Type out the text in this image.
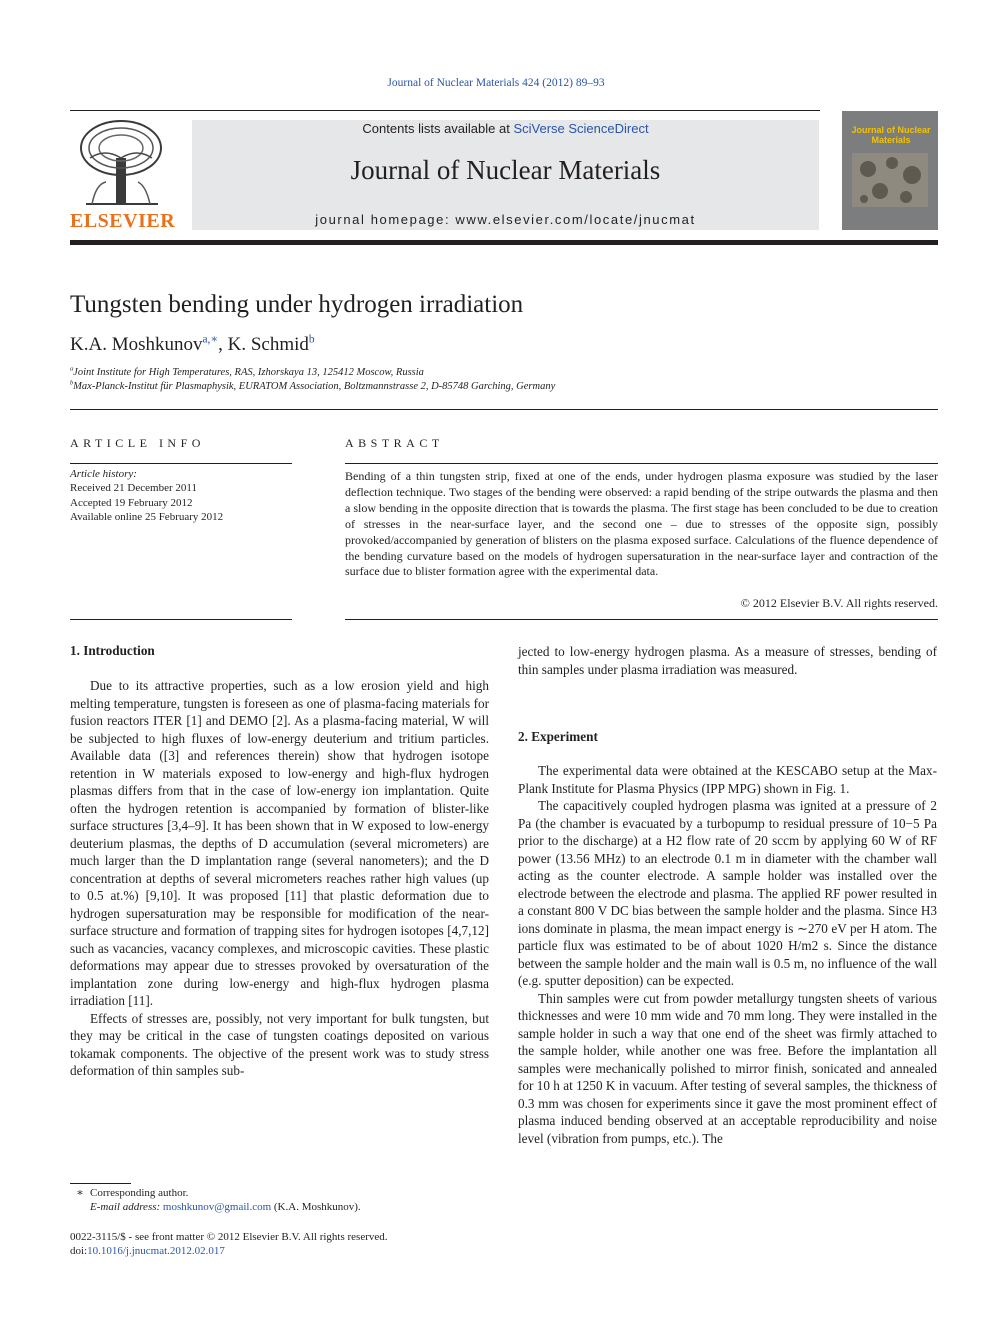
Journal of Nuclear Materials 424 (2012) 89–93
ELSEVIER
Contents lists available at SciVerse ScienceDirect
Journal of Nuclear Materials
journal homepage: www.elsevier.com/locate/jnucmat
Journal of Nuclear Materials
Tungsten bending under hydrogen irradiation
K.A. Moshkunov$^{a,∗}$, K. Schmid$^b$
$^a$Joint Institute for High Temperatures, RAS, Izhorskaya 13, 125412 Moscow, Russia
$^b$Max-Planck-Institut für Plasmaphysik, EURATOM Association, Boltzmannstrasse 2, D-85748 Garching, Germany
ARTICLE INFO
Article history:
Received 21 December 2011
Accepted 19 February 2012
Available online 25 February 2012
ABSTRACT
Bending of a thin tungsten strip, fixed at one of the ends, under hydrogen plasma exposure was studied by the laser deflection technique. Two stages of the bending were observed: a rapid bending of the stripe outwards the plasma and then a slow bending in the opposite direction that is towards the plasma. The first stage has been concluded to be due to creation of stresses in the near-surface layer, and the second one – due to stresses of the opposite sign, possibly provoked/accompanied by generation of blisters on the plasma exposed surface. Calculations of the fluence dependence of the bending curvature based on the models of hydrogen supersaturation in the near-surface layer and contraction of the surface due to blister formation agree with the experimental data.
© 2012 Elsevier B.V. All rights reserved.
1. Introduction

Due to its attractive properties, such as a low erosion yield and high melting temperature, tungsten is foreseen as one of plasma-facing materials for fusion reactors ITER [1] and DEMO [2]. As a plasma-facing material, W will be subjected to high fluxes of low-energy deuterium and tritium particles. Available data ([3] and references therein) show that hydrogen isotope retention in W materials exposed to low-energy and high-flux hydrogen plasmas differs from that in the case of low-energy ion implantation. Quite often the hydrogen retention is accompanied by formation of blister-like surface structures [3,4–9]. It has been shown that in W exposed to low-energy deuterium plasmas, the depths of D accumulation (several micrometers) are much larger than the D implantation range (several nanometers); and the D concentration at depths of several micrometers reaches rather high values (up to 0.5 at.%) [9,10]. It was proposed [11] that plastic deformation due to hydrogen supersaturation may be responsible for modification of the near-surface structure and formation of trapping sites for hydrogen isotopes [4,7,12] such as vacancies, vacancy complexes, and microscopic cavities. These plastic deformations may appear due to stresses provoked by oversaturation of the implantation zone during low-energy and high-flux hydrogen plasma irradiation [11].

Effects of stresses are, possibly, not very important for bulk tungsten, but they may be critical in the case of tungsten coatings deposited on various tokamak components. The objective of the present work was to study stress deformation of thin samples sub-

jected to low-energy hydrogen plasma. As a measure of stresses, bending of thin samples under plasma irradiation was measured.

2. Experiment

The experimental data were obtained at the KESCABO setup at the Max-Plank Institute for Plasma Physics (IPP MPG) shown in Fig. 1.

The capacitively coupled hydrogen plasma was ignited at a pressure of 2 Pa (the chamber is evacuated by a turbopump to residual pressure of 10−5 Pa prior to the discharge) at a H2 flow rate of 20 sccm by applying 60 W of RF power (13.56 MHz) to an electrode 0.1 m in diameter with the chamber wall acting as the counter electrode. A sample holder was installed over the electrode between the electrode and plasma. The applied RF power resulted in a constant 800 V DC bias between the sample holder and the plasma. Since H3 ions dominate in plasma, the mean impact energy is ∼270 eV per H atom. The particle flux was estimated to be of about 1020 H/m2 s. Since the distance between the sample holder and the main wall is 0.5 m, no influence of the wall (e.g. sputter deposition) can be expected.

Thin samples were cut from powder metallurgy tungsten sheets of various thicknesses and were 10 mm wide and 70 mm long. They were installed in the sample holder in such a way that one end of the sheet was firmly attached to the sample holder, while another one was free. Before the implantation all samples were mechanically polished to mirror finish, sonicated and annealed for 10 h at 1250 K in vacuum. After testing of several samples, the thickness of 0.3 mm was chosen for experiments since it gave the most prominent effect of plasma induced bending observed at an acceptable reproducibility and noise level (vibration from pumps, etc.). The

∗ Corresponding author.
E-mail address: moshkunov@gmail.com (K.A. Moshkunov).
0022-3115/$ - see front matter © 2012 Elsevier B.V. All rights reserved.
doi:10.1016/j.jnucmat.2012.02.017
